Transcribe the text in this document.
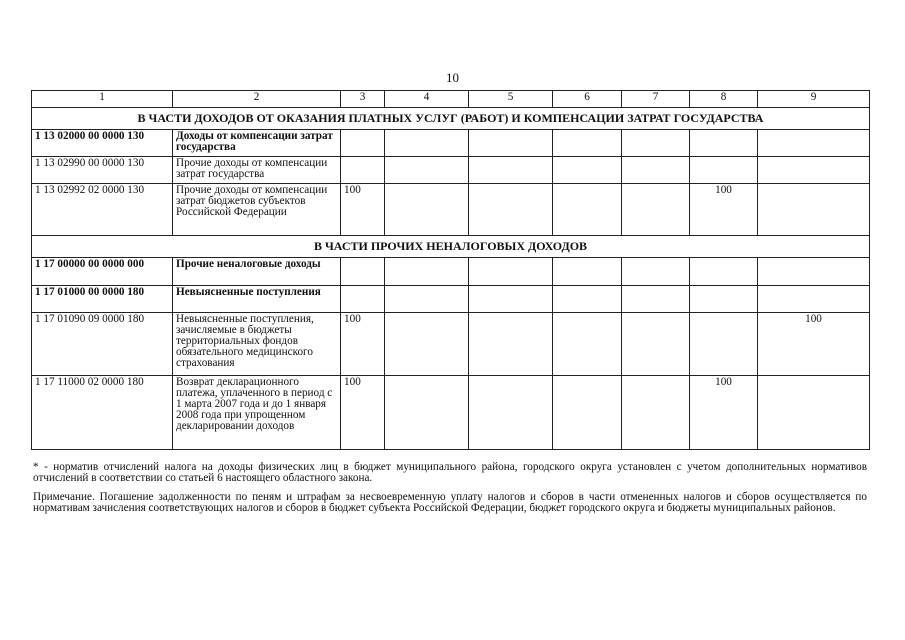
10
1	2	3	4	5	6	7	8	9
В ЧАСТИ ДОХОДОВ ОТ ОКАЗАНИЯ ПЛАТНЫХ УСЛУГ (РАБОТ) И КОМПЕНСАЦИИ ЗАТРАТ ГОСУДАРСТВА								
1 13 02000 00 0000 130	Доходы от компенсации затрат государства							
1 13 02990 00 0000 130	Прочие доходы от компенсации затрат государства							
1 13 02992 02 0000 130	Прочие доходы от компенсации затрат бюджетов субъектов Российской Федерации	100					100	
В ЧАСТИ ПРОЧИХ НЕНАЛОГОВЫХ ДОХОДОВ								
1 17 00000 00 0000 000	Прочие неналоговые доходы							
1 17 01000 00 0000 180	Невыясненные поступления							
1 17 01090 09 0000 180	Невыясненные поступления, зачисляемые в бюджеты территориальных фондов обязательного медицинского страхования	100						100
1 17 11000 02 0000 180	Возврат декларационного платежа, уплаченного в период с 1 марта 2007 года и до 1 января 2008 года при упрощенном декларировании доходов	100					100	
* - норматив отчислений налога на доходы физических лиц в бюджет муниципального района, городского округа установлен с учетом дополнительных нормативов отчислений в соответствии со статьей 6 настоящего областного закона.
Примечание. Погашение задолженности по пеням и штрафам за несвоевременную уплату налогов и сборов в части отмененных налогов и сборов осуществляется по нормативам зачисления соответствующих налогов и сборов в бюджет субъекта Российской Федерации, бюджет городского округа и бюджеты муниципальных районов.
